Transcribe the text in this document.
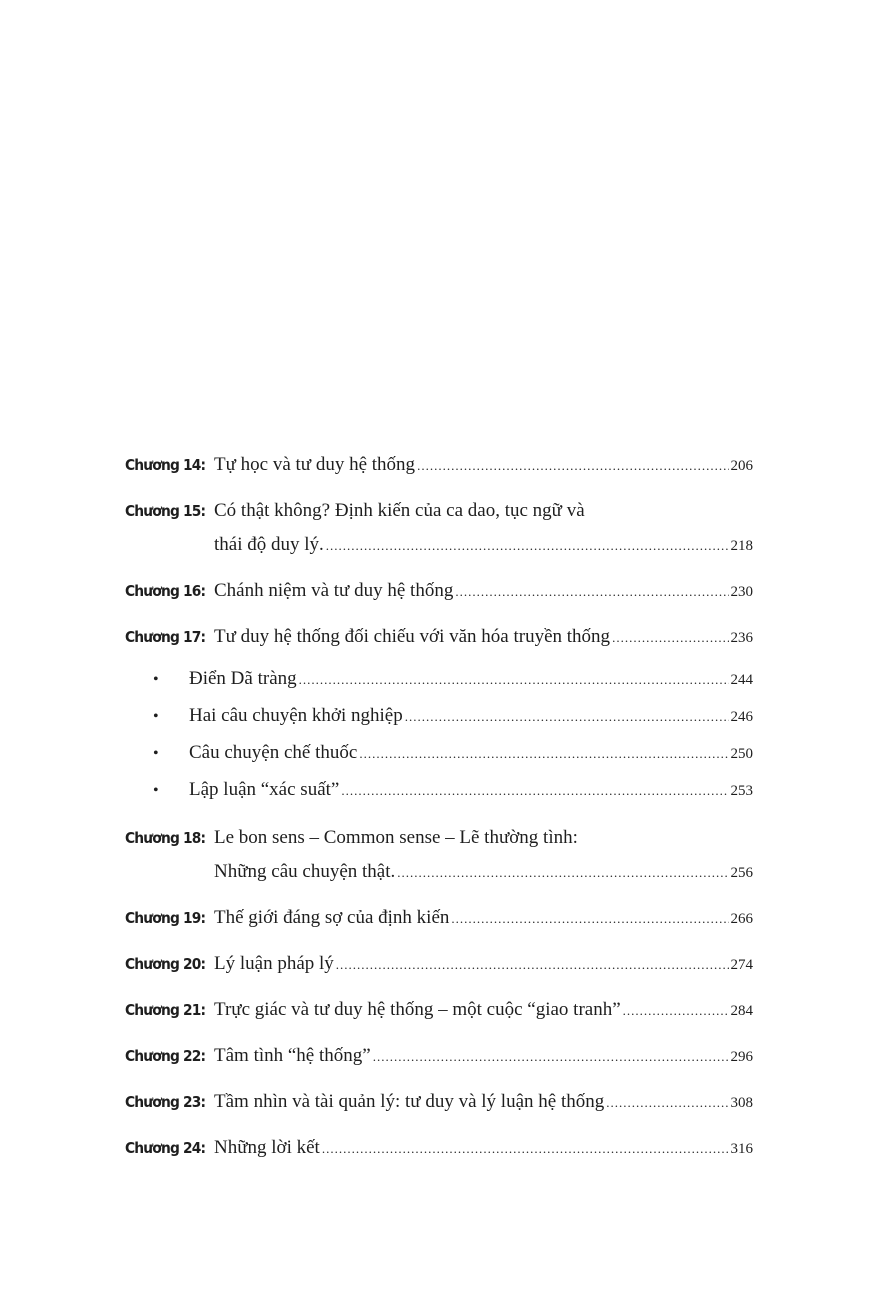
Chương 14: Tự học và tư duy hệ thống .....	206
Chương 15: Có thật không? Định kiến của ca dao, tục ngữ và
thái độ duy lý. .....	218
Chương 16: Chánh niệm và tư duy hệ thống .....	230
Chương 17: Tư duy hệ thống đối chiếu với văn hóa truyền thống .....	236
•	Điển Dã tràng .....	244
•	Hai câu chuyện khởi nghiệp .....	246
•	Câu chuyện chế thuốc .....	250
•	Lập luận “xác suất” .....	253
Chương 18: Le bon sens – Common sense – Lẽ thường tình:
Những câu chuyện thật. .....	256
Chương 19: Thế giới đáng sợ của định kiến .....	266
Chương 20: Lý luận pháp lý .....	274
Chương 21: Trực giác và tư duy hệ thống – một cuộc “giao tranh” .....	284
Chương 22: Tâm tình “hệ thống” .....	296
Chương 23: Tầm nhìn và tài quản lý: tư duy và lý luận hệ thống .....	308
Chương 24: Những lời kết .....	316
